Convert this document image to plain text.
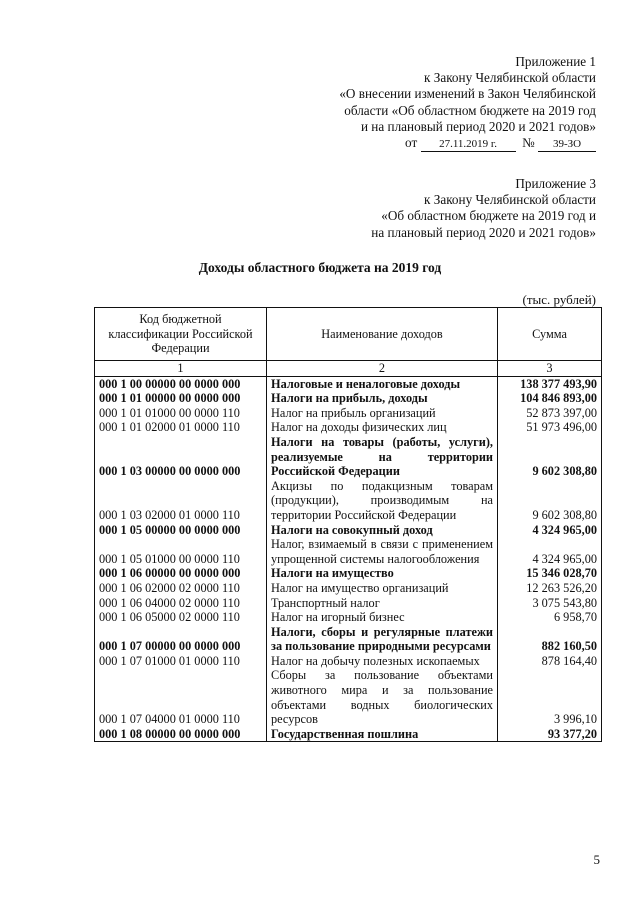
Приложение 1
к Закону Челябинской области
«О внесении изменений в Закон Челябинской
области «Об областном бюджете на 2019 год
и на плановый период 2020 и 2021 годов»
от 27.11.2019 г. № 39-ЗО
Приложение 3
к Закону Челябинской области
«Об областном бюджете на 2019 год и
на плановый период 2020 и 2021 годов»
Доходы областного бюджета на 2019 год
(тыс. рублей)
Код бюджетной классификации Российской Федерации	Наименование доходов	Сумма
1	2	3
000 1 00 00000 00 0000 000	Налоговые и неналоговые доходы	138 377 493,90
000 1 01 00000 00 0000 000	Налоги на прибыль, доходы	104 846 893,00
000 1 01 01000 00 0000 110	Налог на прибыль организаций	52 873 397,00
000 1 01 02000 01 0000 110	Налог на доходы физических лиц	51 973 496,00
000 1 03 00000 00 0000 000	Налоги на товары (работы, услуги), реализуемые на территории Российской Федерации	9 602 308,80
000 1 03 02000 01 0000 110	Акцизы по подакцизным товарам (продукции), производимым на территории Российской Федерации	9 602 308,80
000 1 05 00000 00 0000 000	Налоги на совокупный доход	4 324 965,00
000 1 05 01000 00 0000 110	Налог, взимаемый в связи с применением упрощенной системы налогообложения	4 324 965,00
000 1 06 00000 00 0000 000	Налоги на имущество	15 346 028,70
000 1 06 02000 02 0000 110	Налог на имущество организаций	12 263 526,20
000 1 06 04000 02 0000 110	Транспортный налог	3 075 543,80
000 1 06 05000 02 0000 110	Налог на игорный бизнес	6 958,70
000 1 07 00000 00 0000 000	Налоги, сборы и регулярные платежи за пользование природными ресурсами	882 160,50
000 1 07 01000 01 0000 110	Налог на добычу полезных ископаемых	878 164,40
000 1 07 04000 01 0000 110	Сборы за пользование объектами животного мира и за пользование объектами водных биологических ресурсов	3 996,10
000 1 08 00000 00 0000 000	Государственная пошлина	93 377,20
5
